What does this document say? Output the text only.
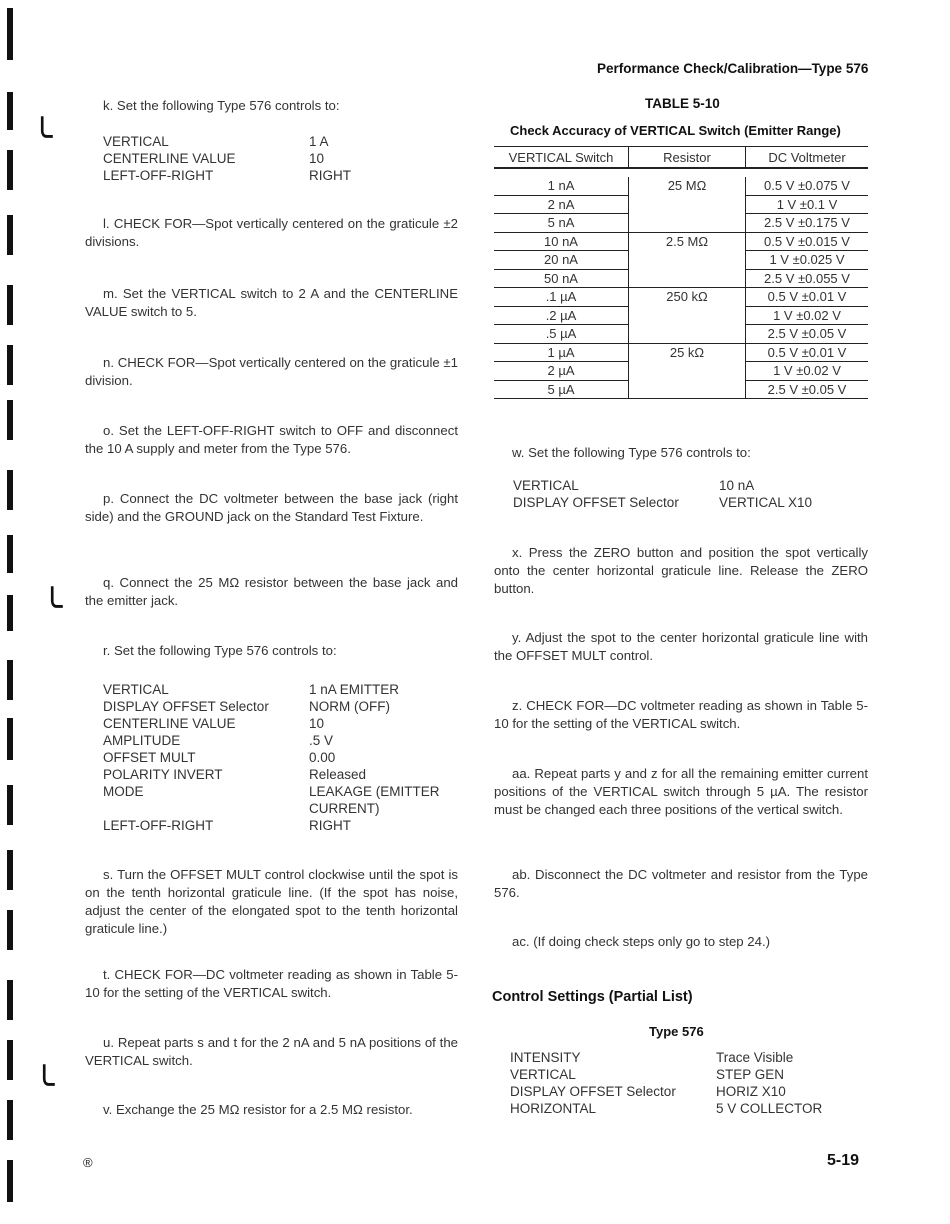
╰
╰
╰
Performance Check/Calibration—Type 576
k. Set the following Type 576 controls to:
VERTICAL	1 A
CENTERLINE VALUE	10
LEFT-OFF-RIGHT	RIGHT
l. CHECK FOR—Spot vertically centered on the graticule ±2 divisions.
m. Set the VERTICAL switch to 2 A and the CENTERLINE VALUE switch to 5.
n. CHECK FOR—Spot vertically centered on the graticule ±1 division.
o. Set the LEFT-OFF-RIGHT switch to OFF and disconnect the 10 A supply and meter from the Type 576.
p. Connect the DC voltmeter between the base jack (right side) and the GROUND jack on the Standard Test Fixture.
q. Connect the 25 MΩ resistor between the base jack and the emitter jack.
r. Set the following Type 576 controls to:
VERTICAL	1 nA EMITTER
DISPLAY OFFSET Selector	NORM (OFF)
CENTERLINE VALUE	10
AMPLITUDE	.5 V
OFFSET MULT	0.00
POLARITY INVERT	Released
MODE	LEAKAGE (EMITTER
CURRENT)
LEFT-OFF-RIGHT	RIGHT
s. Turn the OFFSET MULT control clockwise until the spot is on the tenth horizontal graticule line. (If the spot has noise, adjust the center of the elongated spot to the tenth horizontal graticule line.)
t. CHECK FOR—DC voltmeter reading as shown in Table 5-10 for the setting of the VERTICAL switch.
u. Repeat parts s and t for the 2 nA and 5 nA positions of the VERTICAL switch.
v. Exchange the 25 MΩ resistor for a 2.5 MΩ resistor.
TABLE 5-10
Check Accuracy of VERTICAL Switch (Emitter Range)
VERTICAL Switch	Resistor	DC Voltmeter

1 nA	25 MΩ	0.5 V ±0.075 V
2 nA		1 V ±0.1 V
5 nA		2.5 V ±0.175 V
10 nA	2.5 MΩ	0.5 V ±0.015 V
20 nA		1 V ±0.025 V
50 nA		2.5 V ±0.055 V
.1 µA	250 kΩ	0.5 V ±0.01 V
.2 µA		1 V ±0.02 V
.5 µA		2.5 V ±0.05 V
1 µA	25 kΩ	0.5 V ±0.01 V
2 µA		1 V ±0.02 V
5 µA		2.5 V ±0.05 V
w. Set the following Type 576 controls to:
VERTICAL	10 nA
DISPLAY OFFSET Selector	VERTICAL X10
x. Press the ZERO button and position the spot vertically onto the center horizontal graticule line. Release the ZERO button.
y. Adjust the spot to the center horizontal graticule line with the OFFSET MULT control.
z. CHECK FOR—DC voltmeter reading as shown in Table 5-10 for the setting of the VERTICAL switch.
aa. Repeat parts y and z for all the remaining emitter current positions of the VERTICAL switch through 5 µA. The resistor must be changed each three positions of the vertical switch.
ab. Disconnect the DC voltmeter and resistor from the Type 576.
ac. (If doing check steps only go to step 24.)
Control Settings (Partial List)
Type 576
INTENSITY	Trace Visible
VERTICAL	STEP GEN
DISPLAY OFFSET Selector	HORIZ X10
HORIZONTAL	5 V COLLECTOR
®	5-19
